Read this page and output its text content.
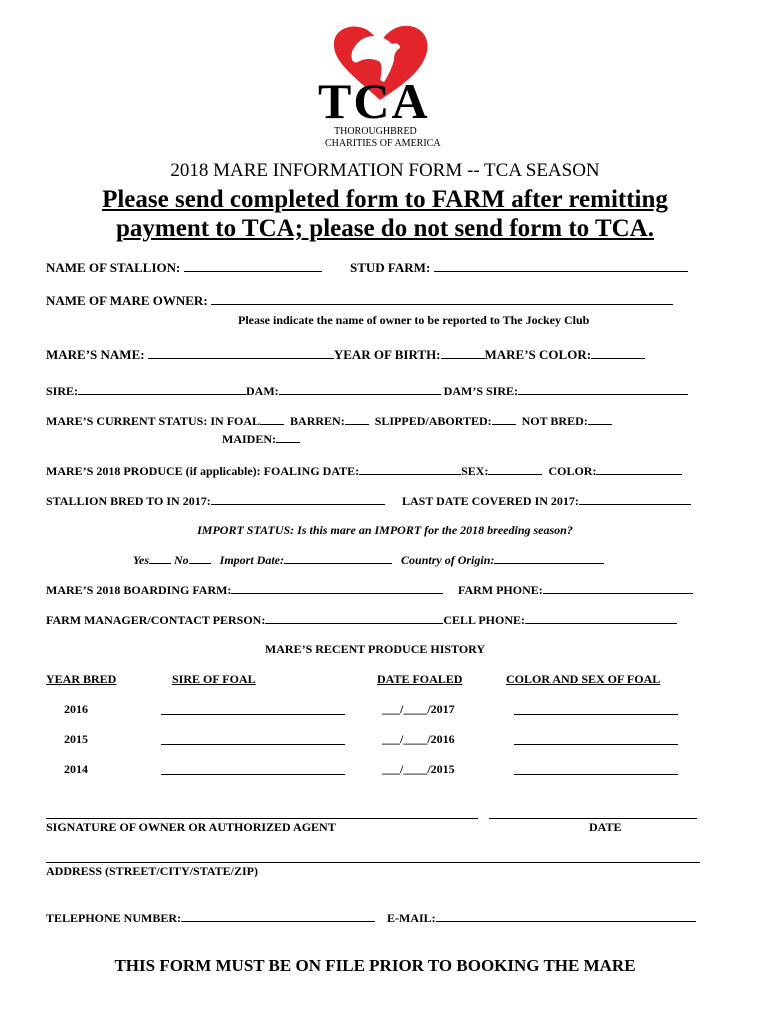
TCA
THOROUGHBRED
CHARITIES OF AMERICA
2018 MARE INFORMATION FORM -- TCA SEASON
Please send completed form to FARM after remitting
payment to TCA; please do not send form to TCA.
NAME OF STALLION:	STUD FARM:
NAME OF MARE OWNER:
Please indicate the name of owner to be reported to The Jockey Club
MARE’S NAME:	YEAR OF BIRTH:	MARE’S COLOR:
SIRE:	DAM:	DAM’S SIRE:
MARE’S CURRENT STATUS: IN FOAL	BARREN:	SLIPPED/ABORTED:	NOT BRED:
MAIDEN:
MARE’S 2018 PRODUCE (if applicable): FOALING DATE:	SEX:	COLOR:
STALLION BRED TO IN 2017:	LAST DATE COVERED IN 2017:
IMPORT STATUS: Is this mare an IMPORT for the 2018 breeding season?
Yes No	Import Date:	Country of Origin:
MARE’S 2018 BOARDING FARM:	FARM PHONE:
FARM MANAGER/CONTACT PERSON:	CELL PHONE:
MARE’S RECENT PRODUCE HISTORY
YEAR BRED	SIRE OF FOAL	DATE FOALED	COLOR AND SEX OF FOAL
2016	___/____/2017
2015	___/____/2016
2014	___/____/2015
SIGNATURE OF OWNER OR AUTHORIZED AGENT	DATE
ADDRESS (STREET/CITY/STATE/ZIP)
TELEPHONE NUMBER:	E-MAIL:
THIS FORM MUST BE ON FILE PRIOR TO BOOKING THE MARE
